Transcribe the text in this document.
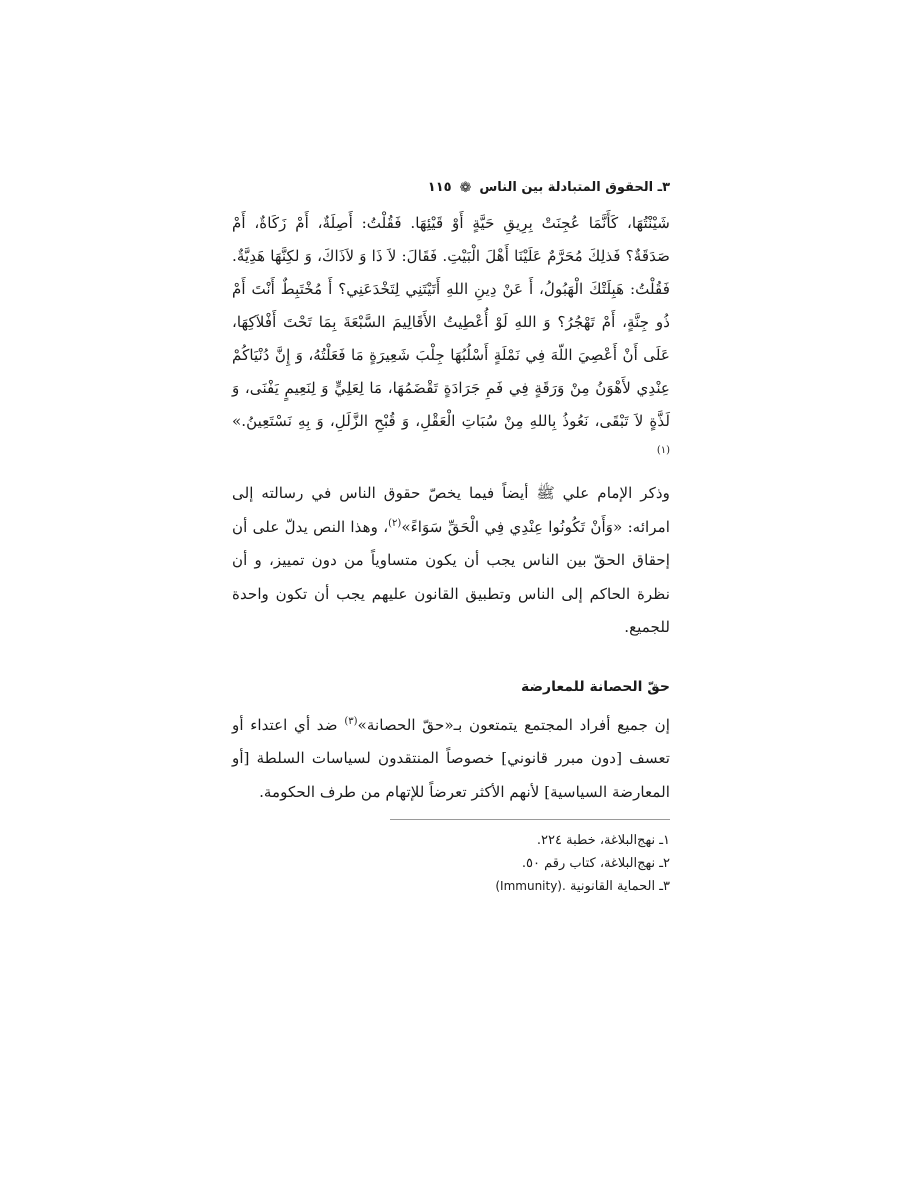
٣ـ الحقوق المتبادلة بين الناس
❁
١١٥

شَيْنْتُهَا، كَأَنَّمَا عُجِنَتْ بِرِيقِ حَيَّةٍ أَوْ قَيْئِهَا. فَقُلْتُ: أَصِلَةٌ، أَمْ زَكَاةٌ، أَمْ صَدَقَةٌ؟ فَذلِكَ مُحَرَّمٌ عَلَيْنَا أَهْلَ الْبَيْتِ. فَقَالَ: لاَ ذَا وَ لاَذَاكَ، وَ لكِنَّهَا هَدِيَّةٌ. فَقُلْتُ: هَبِلَتْكَ الْهَبُولُ، أَ عَنْ دِينِ اللهِ أَتَيْتَنِي لِتَخْدَعَنِي؟ أَ مُخْتَبِطٌ أَنْتَ أَمْ ذُو جِنَّةٍ، أَمْ تَهْجُرُ؟ وَ اللهِ لَوْ أُعْطِيتُ الأَقَالِيمَ السَّبْعَةَ بِمَا تَحْتَ أَفْلاَكِهَا، عَلَى أَنْ أَعْصِيَ اللّهَ فِي نَمْلَةٍ أَسْلُبُهَا جِلْبَ شَعِيرَةٍ مَا فَعَلْتُهُ، وَ إِنَّ دُنْيَاكُمْ عِنْدِي لأَهْوَنُ مِنْ وَرَقَةٍ فِي فَمِ جَرَادَةٍ تَقْضَمُهَا، مَا لِعَلِيٍّ وَ لِنَعِيمٍ يَفْنَى، وَ لَذَّةٍ لاَ تَبْقَى، نَعُوذُ بِاللهِ مِنْ سُبَاتِ الْعَقْلِ، وَ قُبْحِ الزَّلَلِ، وَ بِهِ نَسْتَعِينُ.» $^{(١)}$

وذكر الإمام علي ﷺ أيضاً فيما يخصّ حقوق الناس في رسالته إلى امرائه: «وَأَنْ تَكُونُوا عِنْدِي فِي الْحَقِّ سَوَاءً»$^{(٢)}$، وهذا النص يدلّ على أن إحقاق الحقّ بين الناس يجب أن يكون متساوياً من دون تمييز، و أن نظرة الحاكم إلى الناس وتطبيق القانون عليهم يجب أن تكون واحدة للجميع.

حقّ الحصانة للمعارضة

إن جميع أفراد المجتمع يتمتعون بـ«حقّ الحصانة»$^{(٣)}$ ضد أي اعتداء أو تعسف [دون مبرر قانوني] خصوصاً المنتقدون لسياسات السلطة [أو المعارضة السياسية] لأنهم الأكثر تعرضاً للإتهام من طرف الحكومة.

١ـ نهج‌البلاغة، خطبة ٢٢٤.
٢ـ نهج‌البلاغة، كتاب رقم ٥٠.
٣ـ الحماية القانونية (Immunity).
